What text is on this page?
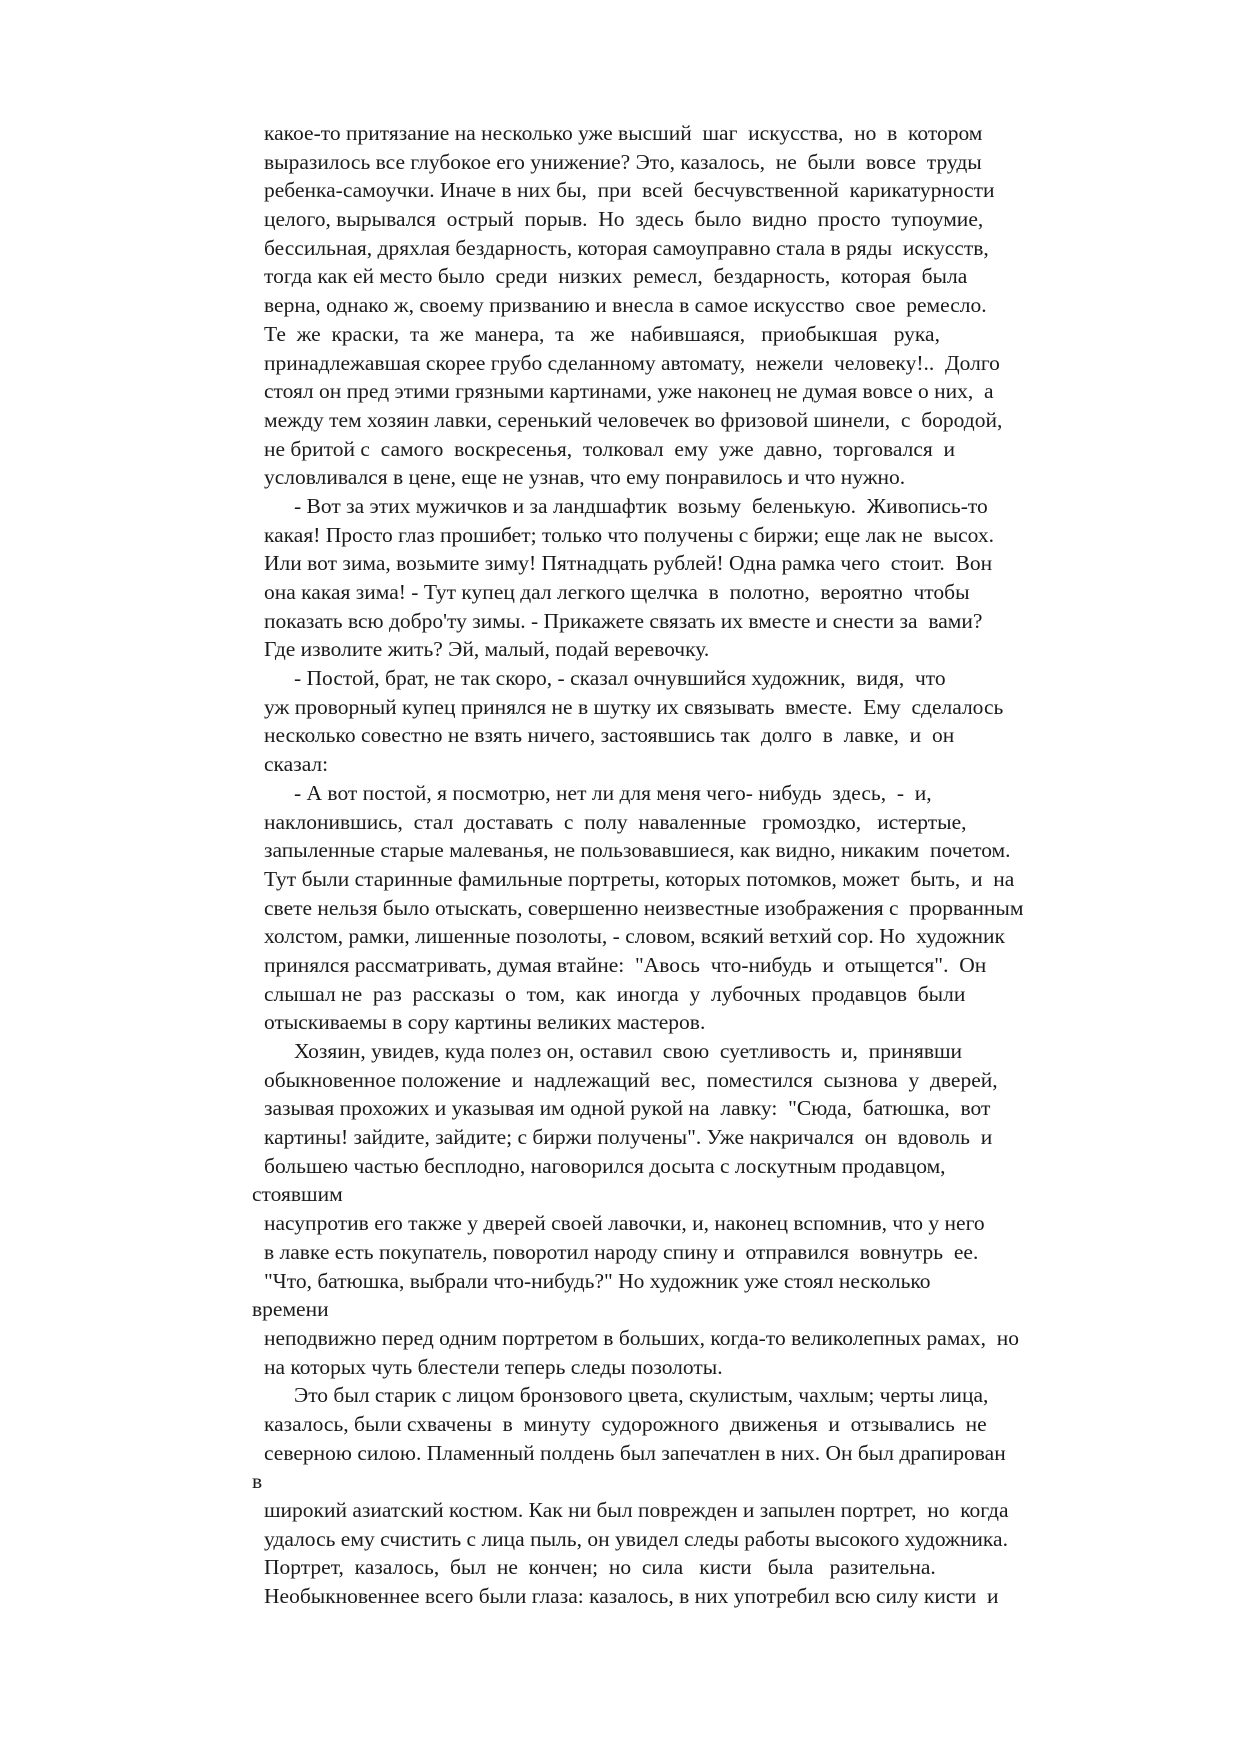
какое-то притязание на несколько уже высший  шаг  искусства,  но  в  котором
выразилось все глубокое его унижение? Это, казалось,  не  были  вовсе  труды
ребенка-самоучки. Иначе в них бы,  при  всей  бесчувственной  карикатурности
целого, вырывался  острый  порыв.  Но  здесь  было  видно  просто  тупоумие,
бессильная, дряхлая бездарность, которая самоуправно стала в ряды  искусств,
тогда как ей место было  среди  низких  ремесл,  бездарность,  которая  была
верна, однако ж, своему призванию и внесла в самое искусство  свое  ремесло.
Те  же  краски,  та  же  манера,  та   же   набившаяся,   приобыкшая   рука,
принадлежавшая скорее грубо сделанному автомату,  нежели  человеку!..  Долго
стоял он пред этими грязными картинами, уже наконец не думая вовсе о них,  а
между тем хозяин лавки, серенький человечек во фризовой шинели,  с  бородой,
не бритой с  самого  воскресенья,  толковал  ему  уже  давно,  торговался  и
условливался в цене, еще не узнав, что ему понравилось и что нужно.
- Вот за этих мужичков и за ландшафтик  возьму  беленькую.  Живопись-то
какая! Просто глаз прошибет; только что получены с биржи; еще лак не  высох.
Или вот зима, возьмите зиму! Пятнадцать рублей! Одна рамка чего  стоит.  Вон
она какая зима! - Тут купец дал легкого щелчка  в  полотно,  вероятно  чтобы
показать всю добро'ту зимы. - Прикажете связать их вместе и снести за  вами?
Где изволите жить? Эй, малый, подай веревочку.
- Постой, брат, не так скоро, - сказал очнувшийся художник,  видя,  что
уж проворный купец принялся не в шутку их связывать  вместе.  Ему  сделалось
несколько совестно не взять ничего, застоявшись так  долго  в  лавке,  и  он
сказал:
- А вот постой, я посмотрю, нет ли для меня чего- нибудь  здесь,  -  и,
наклонившись,  стал  доставать  с  полу  наваленные   громоздко,   истертые,
запыленные старые малеванья, не пользовавшиеся, как видно, никаким  почетом.
Тут были старинные фамильные портреты, которых потомков, может  быть,  и  на
свете нельзя было отыскать, совершенно неизвестные изображения с  прорванным
холстом, рамки, лишенные позолоты, - словом, всякий ветхий сор. Но  художник
принялся рассматривать, думая втайне:  "Авось  что-нибудь  и  отыщется".  Он
слышал не  раз  рассказы  о  том,  как  иногда  у  лубочных  продавцов  были
отыскиваемы в сору картины великих мастеров.
Хозяин, увидев, куда полез он, оставил  свою  суетливость  и,  принявши
обыкновенное положение  и  надлежащий  вес,  поместился  сызнова  у  дверей,
зазывая прохожих и указывая им одной рукой на  лавку:  "Сюда,  батюшка,  вот
картины! зайдите, зайдите; с биржи получены". Уже накричался  он  вдоволь  и
большею частью бесплодно, наговорился досыта с лоскутным продавцом,
стоявшим
насупротив его также у дверей своей лавочки, и, наконец вспомнив, что у него
в лавке есть покупатель, поворотил народу спину и  отправился  вовнутрь  ее.
"Что, батюшка, выбрали что-нибудь?" Но художник уже стоял несколько
времени
неподвижно перед одним портретом в больших, когда-то великолепных рамах,  но
на которых чуть блестели теперь следы позолоты.
Это был старик с лицом бронзового цвета, скулистым, чахлым; черты лица,
казалось, были схвачены  в  минуту  судорожного  движенья  и  отзывались  не
северною силою. Пламенный полдень был запечатлен в них. Он был драпирован
в
широкий азиатский костюм. Как ни был поврежден и запылен портрет,  но  когда
удалось ему счистить с лица пыль, он увидел следы работы высокого художника.
Портрет,  казалось,  был  не  кончен;  но  сила   кисти   была   разительна.
Необыкновеннее всего были глаза: казалось, в них употребил всю силу кисти  и
